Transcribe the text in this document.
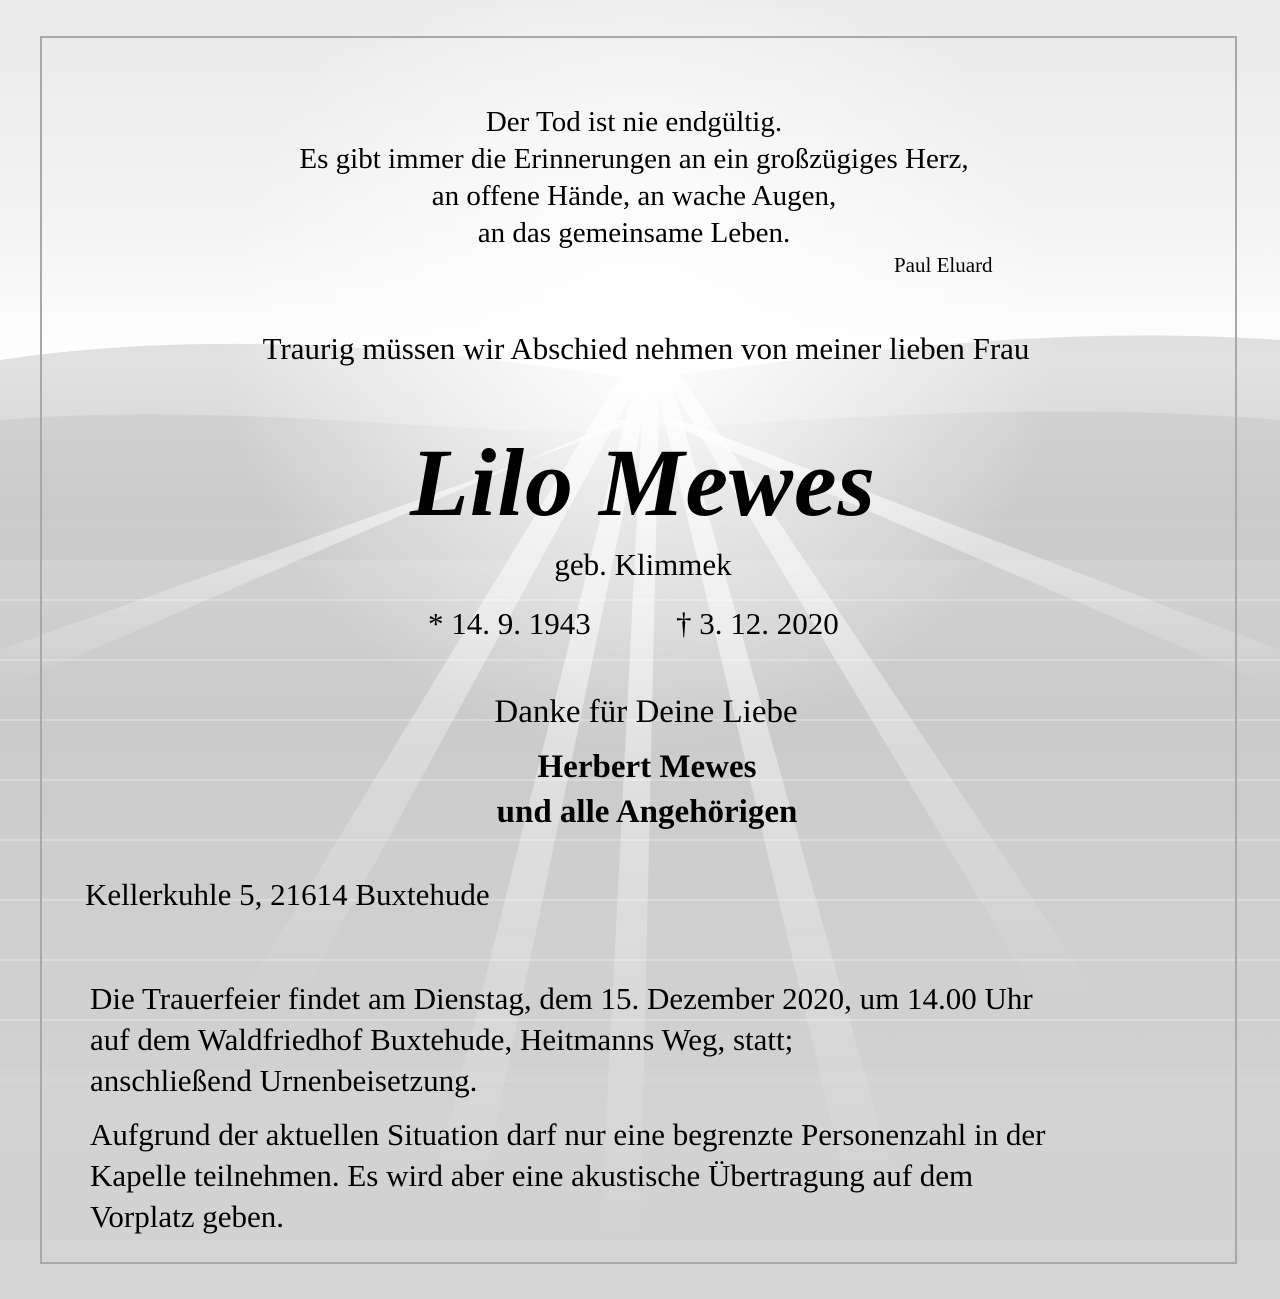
Der Tod ist nie endgültig.
Es gibt immer die Erinnerungen an ein großzügiges Herz,
an offene Hände, an wache Augen,
an das gemeinsame Leben.
Paul Eluard
Traurig müssen wir Abschied nehmen von meiner lieben Frau
Lilo Mewes
geb. Klimmek
* 14. 9. 1943	† 3. 12. 2020
Danke für Deine Liebe
Herbert Mewes
und alle Angehörigen
Kellerkuhle 5, 21614 Buxtehude
Die Trauerfeier findet am Dienstag, dem 15. Dezember 2020, um 14.00 Uhr
auf dem Waldfriedhof Buxtehude, Heitmanns Weg, statt;
anschließend Urnenbeisetzung.
Aufgrund der aktuellen Situation darf nur eine begrenzte Personenzahl in der
Kapelle teilnehmen. Es wird aber eine akustische Übertragung auf dem
Vorplatz geben.
